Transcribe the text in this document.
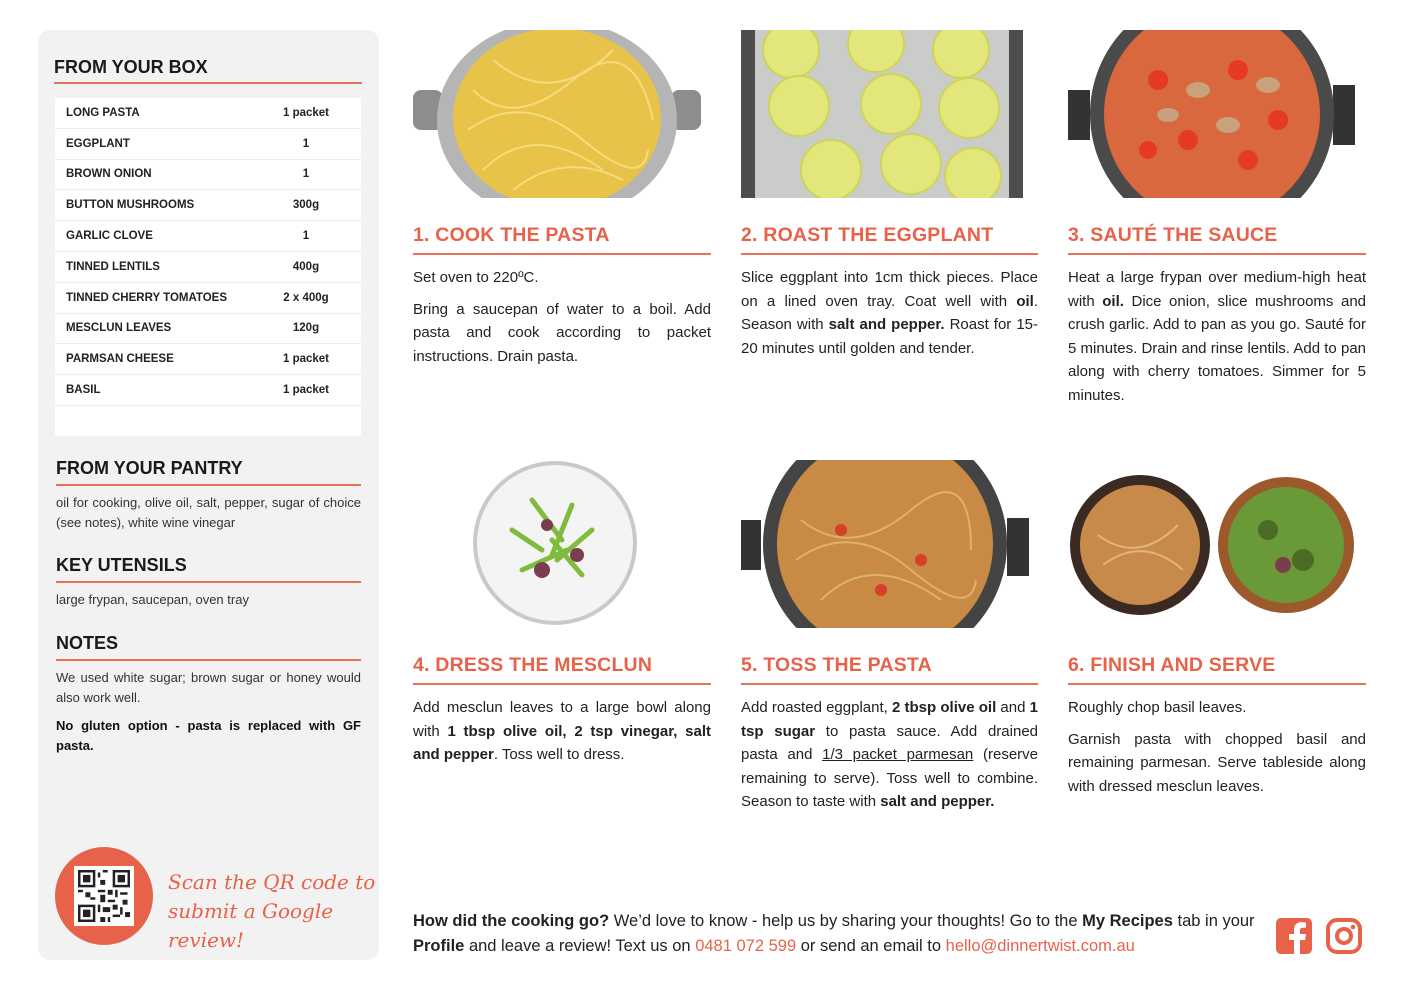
FROM YOUR BOX
LONG PASTA	1 packet
EGGPLANT	1
BROWN ONION	1
BUTTON MUSHROOMS	300g
GARLIC CLOVE	1
TINNED LENTILS	400g
TINNED CHERRY TOMATOES	2 x 400g
MESCLUN LEAVES	120g
PARMSAN CHEESE	1 packet
BASIL	1 packet
FROM YOUR PANTRY
oil for cooking, olive oil, salt, pepper, sugar of choice (see notes), white wine vinegar
KEY UTENSILS
large frypan, saucepan, oven tray
NOTES
We used white sugar; brown sugar or honey would also work well.
No gluten option - pasta is replaced with GF pasta.
Scan the QR code to
submit a Google review!
1. COOK THE PASTA

Set oven to 220ºC.

Bring a saucepan of water to a boil. Add pasta and cook according to packet instructions. Drain pasta.

2. ROAST THE EGGPLANT

Slice eggplant into 1cm thick pieces. Place on a lined oven tray. Coat well with oil. Season with salt and pepper. Roast for 15-20 minutes until golden and tender.

3. SAUTÉ THE SAUCE

Heat a large frypan over medium-high heat with oil. Dice onion, slice mushrooms and crush garlic. Add to pan as you go. Sauté for 5 minutes. Drain and rinse lentils. Add to pan along with cherry tomatoes. Simmer for 5 minutes.

4. DRESS THE MESCLUN

Add mesclun leaves to a large bowl along with 1 tbsp olive oil, 2 tsp vinegar, salt and pepper. Toss well to dress.

5. TOSS THE PASTA

Add roasted eggplant, 2 tbsp olive oil and 1 tsp sugar to pasta sauce. Add drained pasta and 1/3 packet parmesan (reserve remaining to serve). Toss well to combine. Season to taste with salt and pepper.

6. FINISH AND SERVE

Roughly chop basil leaves.

Garnish pasta with chopped basil and remaining parmesan. Serve tableside along with dressed mesclun leaves.

How did the cooking go? We’d love to know - help us by sharing your thoughts! Go to the My Recipes tab in your Profile and leave a review! Text us on 0481 072 599 or send an email to hello@dinnertwist.com.au
